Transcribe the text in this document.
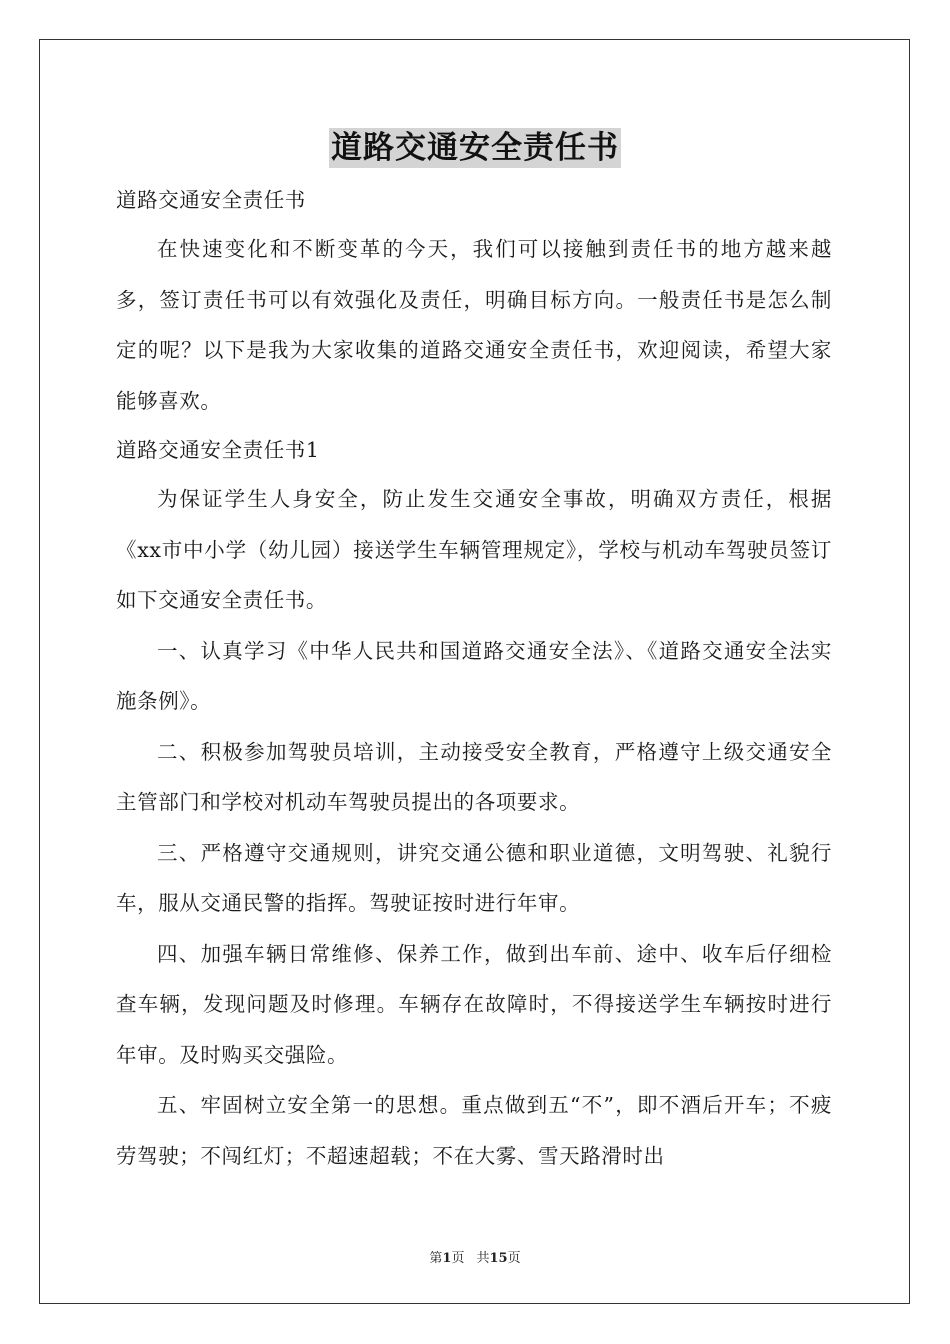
道路交通安全责任书

道路交通安全责任书

在快速变化和不断变革的今天，我们可以接触到责任书的地方越来越多，签订责任书可以有效强化及责任，明确目标方向。一般责任书是怎么制定的呢？以下是我为大家收集的道路交通安全责任书，欢迎阅读，希望大家能够喜欢。

道路交通安全责任书1

为保证学生人身安全，防止发生交通安全事故，明确双方责任，根据《xx市中小学（幼儿园）接送学生车辆管理规定》，学校与机动车驾驶员签订如下交通安全责任书。

一、认真学习《中华人民共和国道路交通安全法》、《道路交通安全法实施条例》。

二、积极参加驾驶员培训，主动接受安全教育，严格遵守上级交通安全主管部门和学校对机动车驾驶员提出的各项要求。

三、严格遵守交通规则，讲究交通公德和职业道德，文明驾驶、礼貌行车，服从交通民警的指挥。驾驶证按时进行年审。

四、加强车辆日常维修、保养工作，做到出车前、途中、收车后仔细检查车辆，发现问题及时修理。车辆存在故障时，不得接送学生车辆按时进行年审。及时购买交强险。

五、牢固树立安全第一的思想。重点做到五“不”，即不酒后开车；不疲劳驾驶；不闯红灯；不超速超载；不在大雾、雪天路滑时出

第1页 共15页
